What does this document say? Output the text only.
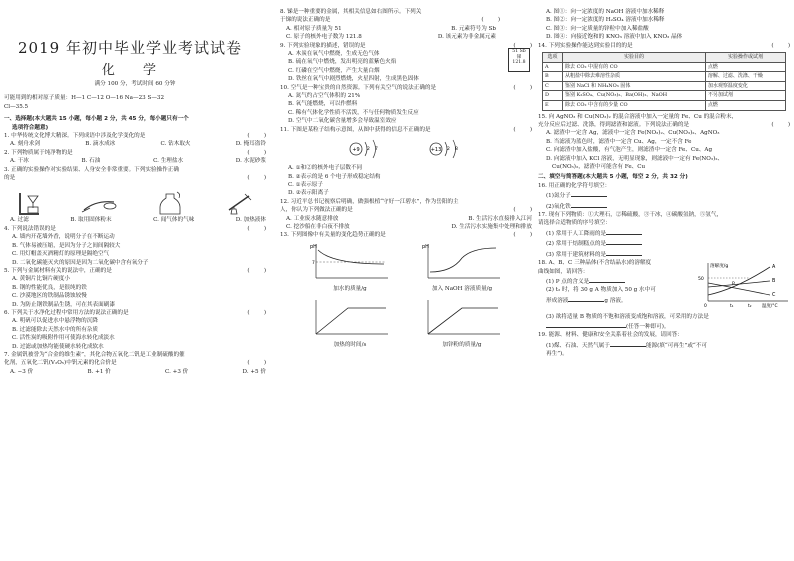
2019 年初中毕业学业考试试卷
化 学
满分 100 分，考试时间 60 分钟

可能用到的相对原子质量：H—1 C—12 O—16 Na—23 S—32

Cl—35.5

一、选择题(本大题共 15 小题，每小题 2 分，共 45 分，每小题只有一个

选项符合题意)

1. 中华传统文化博大精深。下列成语中涉及化学变化的是	(        )
A. 刻舟求剑	B. 滴水成冰	C. 钻木取火	D. 掩耳盗铃
2. 下列物质属于纯净物的是	(        )
A. 干冰	B. 石油	C. 生理盐水	D. 水泥砂浆

3. 正确的实验操作对实验结果、人身安全非常重要。下列实验操作正确

的是	(        )
A. 过滤	B. 取用固体粉末	C. 闻气体的气味	D. 加热液体
4. 下列说法错误的是	(        )

A. 墙内开花墙外香，说明分子在不断运动

B. 气体易被压缩，是因为分子之间间隔较大

C. 用灯帽盖灭酒精灯的原理是隔绝空气

D. 二氧化碳能灭火的原因是因为二氧化碳中含有氧分子

5. 下列与金属材料有关的说法中，正确的是	(        )

A. 黄铜片比铜片硬度小

B. 钢的性能优良，是很纯的铁

C. 沙漠地区的铁制品锈蚀较慢

D. 为防止钢铁制品生锈，可在其表面刷漆

6. 下列关于水净化过程中常用方法的说法正确的是	(        )

A. 明矾可以促进水中悬浮物的沉降

B. 过滤能除去天然水中的所有杂质

C. 活性炭的吸附作用可使海水转化成淡水

D. 过滤或加热均能使硬水转化成软水

7. 金属钒被誉为“合金的维生素”，其化合物五氧化二钒是工业制硫酸的催

化剂，五氧化二钒(V₂O₅)中钒元素的化合价是	(        )
A. −3 价	B. +1 价	C. +3 价	D. +5 价
51 Sb
锑
121.8

8. 锑是一种重要的金属，其相关信息如右图所示。下列关

于锑的说法正确的是	(        )
A. 相对原子质量为 51	B. 元素符号为 Sb
C. 原子的核外电子数为 121.8	D. 该元素为非金属元素
9. 下列实验现象的描述，错误的是	(        )

A. 木炭在氧气中燃烧，生成无色气体

B. 硫在氧气中燃烧，发出明亮的蓝紫色火焰

C. 红磷在空气中燃烧，产生大量白烟

D. 铁丝在氧气中剧烈燃烧，火星四射，生成黑色固体

10. 空气是一种宝贵的自然资源。下列有关空气的说法正确的是	(        )

A. 氮气约占空气体积的 21%

B. 氧气能燃烧，可以作燃料

C. 稀有气体化学性质不活泼，不与任何物质发生反应

D. 空气中二氧化碳含量增多会导致温室效应

11. 下图是某粒子结构示意图，从图中获得的信息不正确的是	(        )
+9 2 7	+13 2 8

A. ①和②的核外电子层数不同

B. ②表示的是 6 个电子形成稳定结构

C. ①表示原子

D. ②表示阳离子

12. 习近平总书记视察后明确，做强根植“守好一江碧水”，作为岳阳的主

人，你认为下列做法正确的是	(        )
A. 工业废水随意排放	B. 生活污水直接排入江河
C. 挖沙船在非白夜不排放	D. 生活污水实施集中处理和排放
13. 下列图像中有关量的变化趋势正确的是	(        )
pH
7
加水的质量/g
pH
加入 NaOH 溶液质量/g
加热的时间/s	加锌粉的质量/g

A. 图①：向一定浓度的 NaOH 溶液中加水稀释

B. 图②：向一定浓度的 H₂SO₄ 溶液中加水稀释

C. 图③：向一定质量的锌粒中加入稀盐酸

D. 图④：向接近饱和的 KNO₃ 溶液中加入 KNO₃ 晶体

14. 下列实验操作能达到实验目的的是	(        )
选项	实验目的	实验操作或试剂
A	除去 CO₂ 中混有的 CO	点燃
B	从粗盐中除去难溶性杂质	溶解、过滤、洗涤、干燥
C	鉴别 NaCl 和 NH₄NO₃ 固体	加水观察温度变化
D	鉴别 K₂SO₄、Cu(NO₃)₂、Ba(OH)₂、NaOH	不另加试剂
E	除去 CO₂ 中含有的少量 CO	点燃

15. 向 AgNO₃ 和 Cu(NO₃)₂ 的混合溶液中加入一定量的 Fe、Cu 的混合粉末，

充分反应后过滤、洗涤，得到滤渣和滤液。下列说法正确的是	(        )

A. 滤渣中一定含 Ag，滤液中一定含 Fe(NO₃)₂、Cu(NO₃)₂、AgNO₃

B. 当滤液为蓝色时，滤渣中一定含 Cu、Ag，一定不含 Fe

C. 向滤渣中加入盐酸，有气泡产生，则滤渣中一定含 Fe、Cu、Ag

D. 向滤液中加入 KCl 溶液，无明显现象，则滤液中一定有 Fe(NO₃)₂、

Cu(NO₃)₂，滤渣中可能含有 Fe、Cu

二、填空与简答题(本大题共 5 小题，每空 2 分，共 32 分)

16. 用正确的化学符号填空：

(1)氮分子

(2)氧化铁

17. 现有下列物质：①大理石，②稀硫酸，③干冰，④碳酸氢钠，⑤氢气，

请选择合适物质的序号填空：

(1) 常用于人工降雨的是

(2) 常用于焙制糕点的是

(3) 常用于建筑材料的是

溶解度/g
50
A
B
C
P
0	t₁	t₂ 温度/°C

18. A、B、C 三种晶体(不含结晶水)的溶解度

曲线如图，请回答：

(1) P 点的含义是

(2) t₂ 时，将 30 g A 物质加入 50 g 水中可

形成溶液	g 溶液。

(3) 欲将适量 B 物质的不饱和溶液变成饱和溶液，可采用的方法是

(任答一种即可)。

19. 能源、材料、健康和安全关系着社会的发展，请回答：

(1)煤、石油、天然气属于	能源(填“可再生”或“不可

再生”)。
